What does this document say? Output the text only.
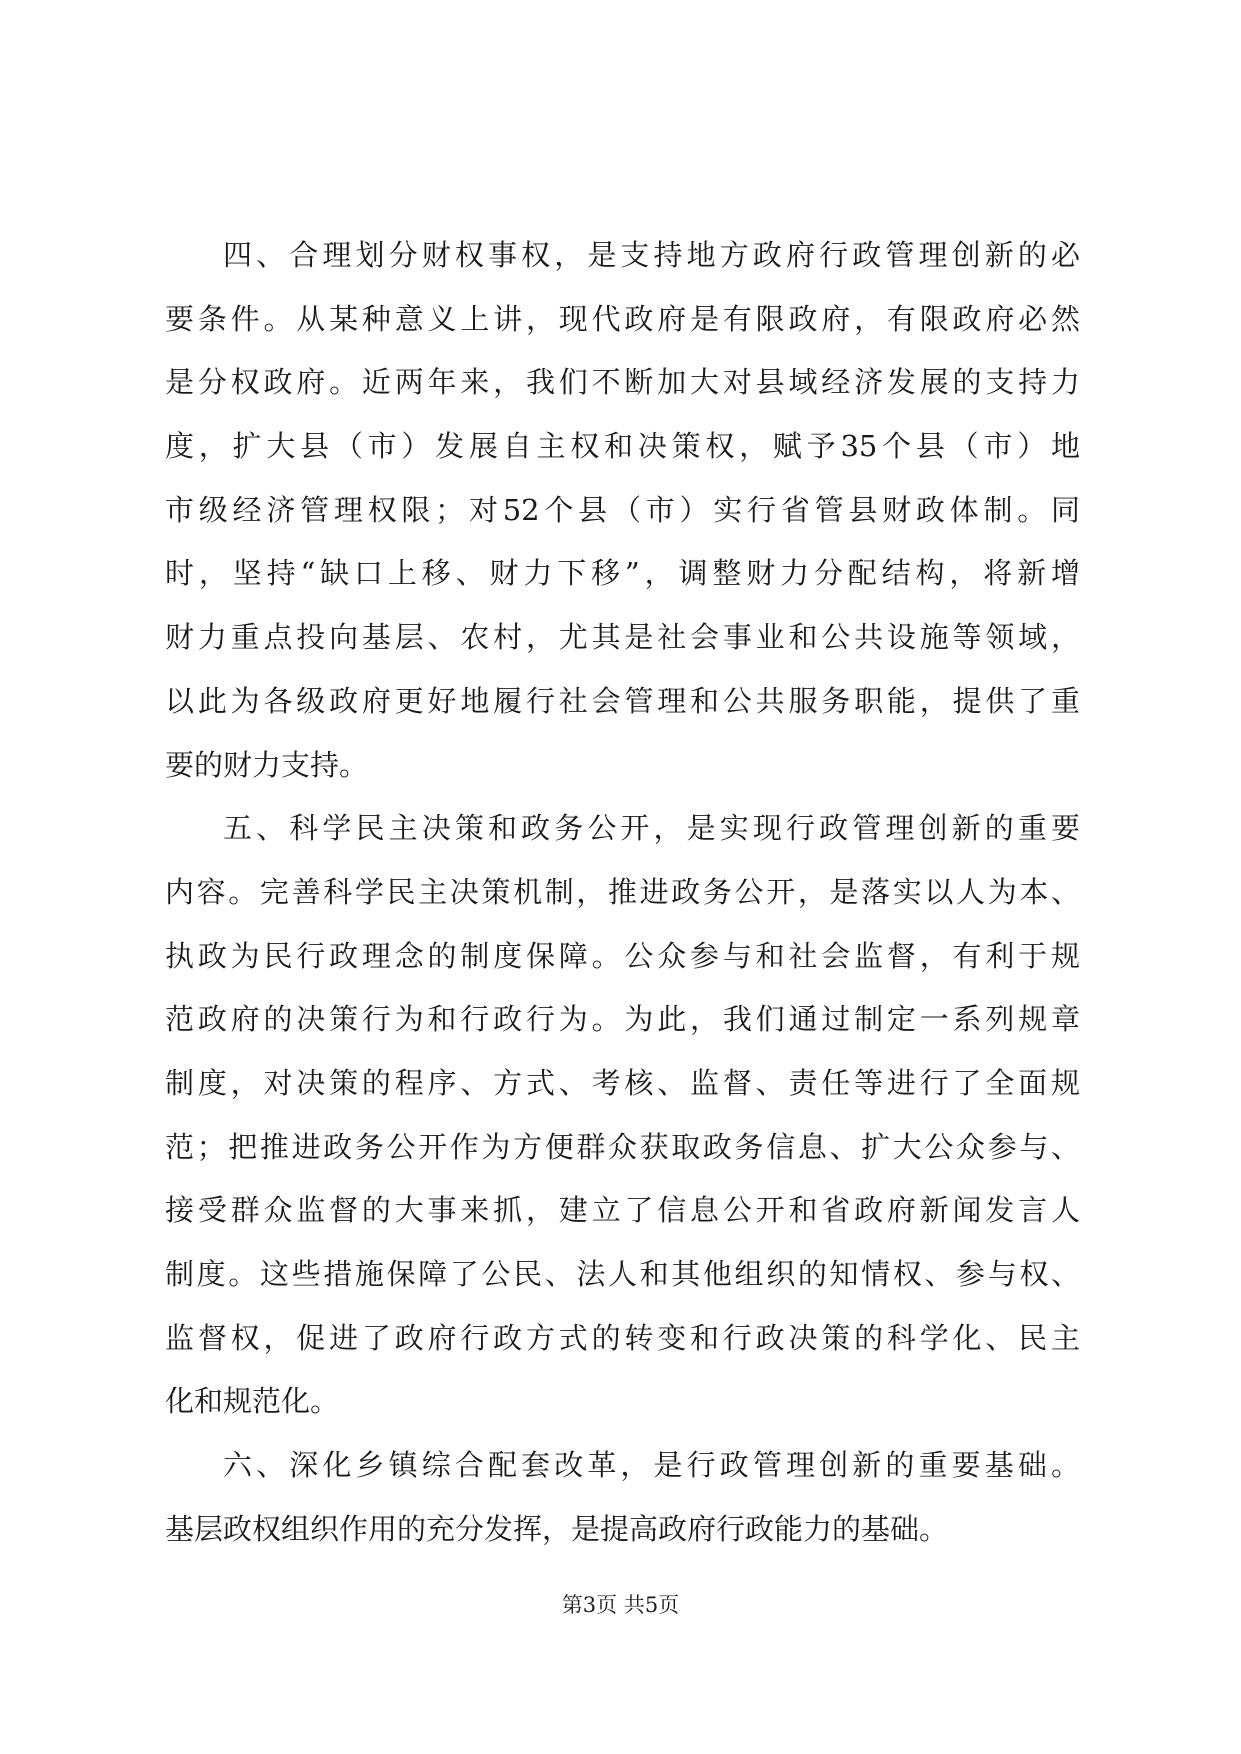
四、合理划分财权事权，是支持地方政府行政管理创新的必
要条件。从某种意义上讲，现代政府是有限政府，有限政府必然
是分权政府。近两年来，我们不断加大对县域经济发展的支持力
度，扩大县（市）发展自主权和决策权，赋予35个县（市）地
市级经济管理权限；对52个县（市）实行省管县财政体制。同
时，坚持“缺口上移、财力下移”，调整财力分配结构，将新增
财力重点投向基层、农村，尤其是社会事业和公共设施等领域，
以此为各级政府更好地履行社会管理和公共服务职能，提供了重
要的财力支持。
五、科学民主决策和政务公开，是实现行政管理创新的重要
内容。完善科学民主决策机制，推进政务公开，是落实以人为本、
执政为民行政理念的制度保障。公众参与和社会监督，有利于规
范政府的决策行为和行政行为。为此，我们通过制定一系列规章
制度，对决策的程序、方式、考核、监督、责任等进行了全面规
范；把推进政务公开作为方便群众获取政务信息、扩大公众参与、
接受群众监督的大事来抓，建立了信息公开和省政府新闻发言人
制度。这些措施保障了公民、法人和其他组织的知情权、参与权、
监督权，促进了政府行政方式的转变和行政决策的科学化、民主
化和规范化。
六、深化乡镇综合配套改革，是行政管理创新的重要基础。
基层政权组织作用的充分发挥，是提高政府行政能力的基础。
第3页 共5页
